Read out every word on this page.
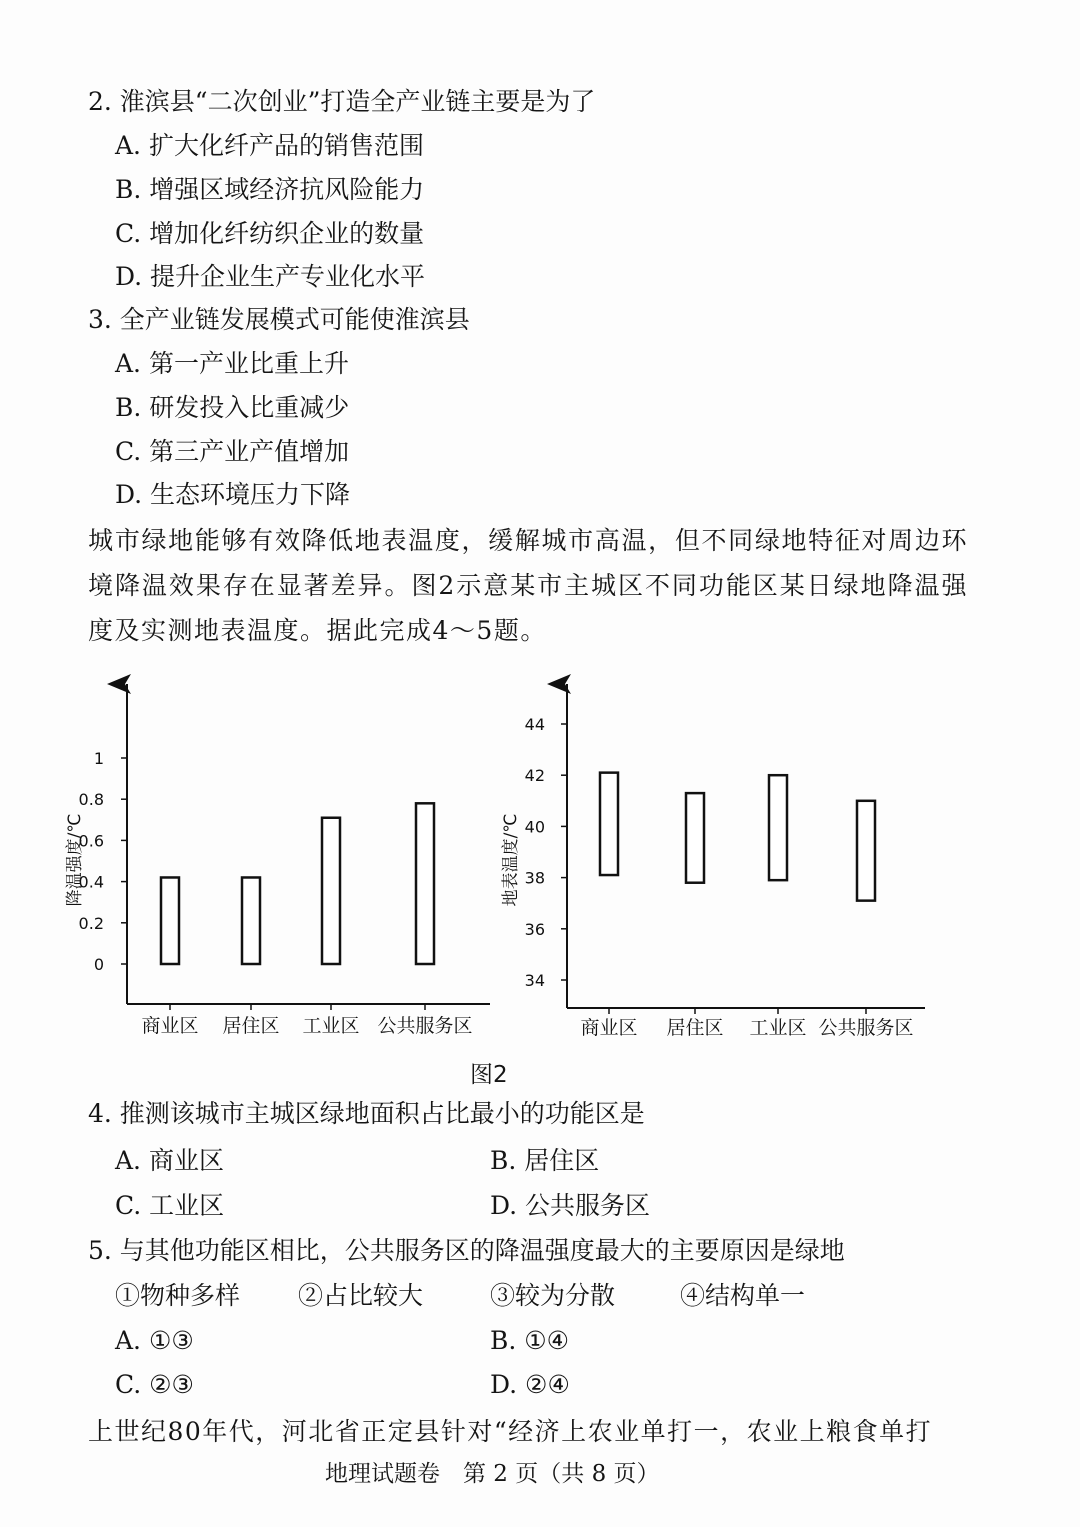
2. 淮滨县“二次创业”打造全产业链主要是为了
A. 扩大化纤产品的销售范围
B. 增强区域经济抗风险能力
C. 增加化纤纺织企业的数量
D. 提升企业生产专业化水平
3. 全产业链发展模式可能使淮滨县
A. 第一产业比重上升
B. 研发投入比重减少
C. 第三产业产值增加
D. 生态环境压力下降
城市绿地能够有效降低地表温度，缓解城市高温，但不同绿地特征对周边环境降温效果存在显著差异。图2示意某市主城区不同功能区某日绿地降温强度及实测地表温度。据此完成4～5题。
0
0.2
0.4
0.6
0.8
1
降温强度/℃
商业区 居住区 工业区 公共服务区
34
36
38
40
42
44
地表温度/℃
商业区 居住区 工业区 公共服务区
图2
4. 推测该城市主城区绿地面积占比最小的功能区是
A. 商业区	B. 居住区
C. 工业区	D. 公共服务区
5. 与其他功能区相比，公共服务区的降温强度最大的主要原因是绿地
①物种多样 ②占比较大	③较为分散	④结构单一
A. ①③	B. ①④
C. ②③	D. ②④
上世纪80年代，河北省正定县针对“经济上农业单打一，农业上粮食单打
地理试题卷　第 2 页（共 8 页）
